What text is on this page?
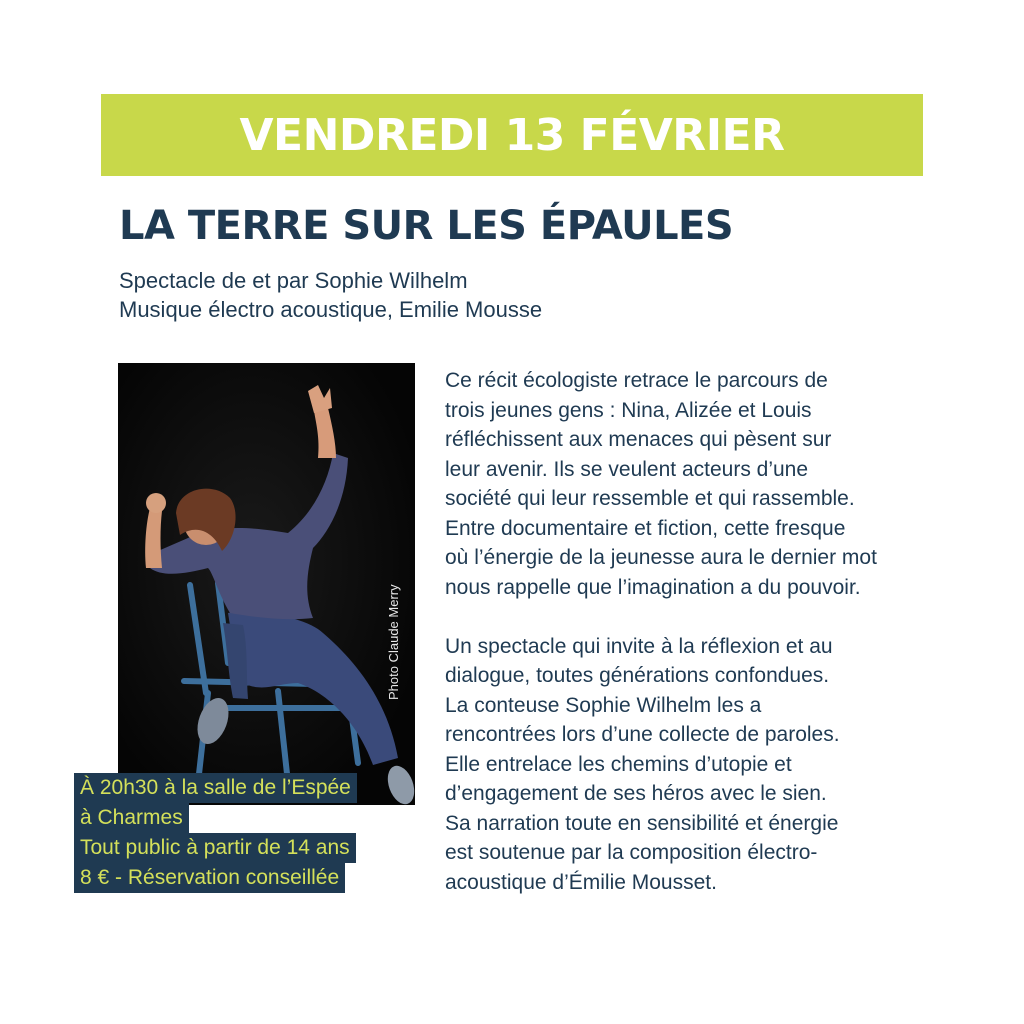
VENDREDI 13 FÉVRIER
LA TERRE SUR LES ÉPAULES
Spectacle de et par Sophie Wilhelm
Musique électro acoustique, Emilie Mousse
Photo Claude Merry
À 20h30 à la salle de l’Espée
à Charmes
Tout public à partir de 14 ans
8 € - Réservation conseillée

Ce récit écologiste retrace le parcours de
trois jeunes gens : Nina, Alizée et Louis
réfléchissent aux menaces qui pèsent sur
leur avenir. Ils se veulent acteurs d’une
société qui leur ressemble et qui rassemble.
Entre documentaire et fiction, cette fresque
où l’énergie de la jeunesse aura le dernier mot
nous rappelle que l’imagination a du pouvoir.

Un spectacle qui invite à la réflexion et au
dialogue, toutes générations confondues.
La conteuse Sophie Wilhelm les a
rencontrées lors d’une collecte de paroles.
Elle entrelace les chemins d’utopie et
d’engagement de ses héros avec le sien.
Sa narration toute en sensibilité et énergie
est soutenue par la composition électro-
acoustique d’Émilie Mousset.
